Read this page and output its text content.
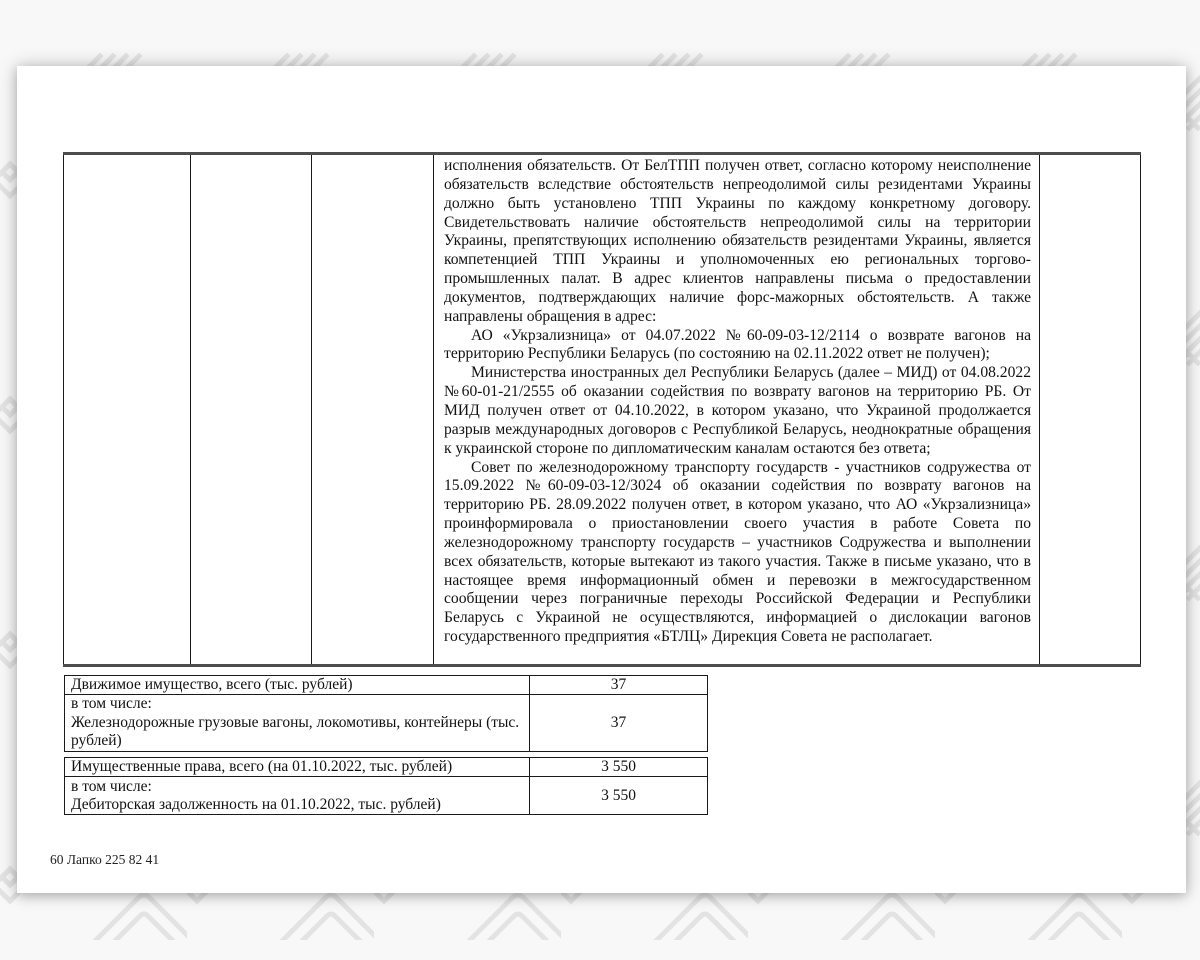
исполнения обязательств. От БелТПП получен ответ, согласно которому неисполнение обязательств вследствие обстоятельств непреодолимой силы резидентами Украины должно быть установлено ТПП Украины по каждому конкретному договору. Свидетельствовать наличие обстоятельств непреодолимой силы на территории Украины, препятствующих исполнению обязательств резидентами Украины, является компетенцией ТПП Украины и уполномоченных ею региональных торгово-промышленных палат. В адрес клиентов направлены письма о предоставлении документов, подтверждающих наличие форс-мажорных обстоятельств. А также направлены обращения в адрес:

АО «Укрзализница» от 04.07.2022 №60-09-03-12/2114 о возврате вагонов на территорию Республики Беларусь (по состоянию на 02.11.2022 ответ не получен);

Министерства иностранных дел Республики Беларусь (далее – МИД) от 04.08.2022 №60-01-21/2555 об оказании содействия по возврату вагонов на территорию РБ. От МИД получен ответ от 04.10.2022, в котором указано, что Украиной продолжается разрыв международных договоров с Республикой Беларусь, неоднократные обращения к украинской стороне по дипломатическим каналам остаются без ответа;

Совет по железнодорожному транспорту государств - участников содружества от 15.09.2022 №60-09-03-12/3024 об оказании содействия по возврату вагонов на территорию РБ. 28.09.2022 получен ответ, в котором указано, что АО «Укрзализница» проинформировала о приостановлении своего участия в работе Совета по железнодорожному транспорту государств – участников Содружества и выполнении всех обязательств, которые вытекают из такого участия. Также в письме указано, что в настоящее время информационный обмен и перевозки в межгосударственном сообщении через пограничные переходы Российской Федерации и Республики Беларусь с Украиной не осуществляются, информацией о дислокации вагонов государственного предприятия «БТЛЦ» Дирекция Совета не располагает.

Движимое имущество, всего (тыс. рублей)	37

в том числе:
Железнодорожные грузовые вагоны, локомотивы, контейнеры (тыс. рублей)	37
Имущественные права, всего (на 01.10.2022, тыс. рублей)	3 550

в том числе:
Дебиторская задолженность на 01.10.2022, тыс. рублей)	3 550
60 Лапко 225 82 41
